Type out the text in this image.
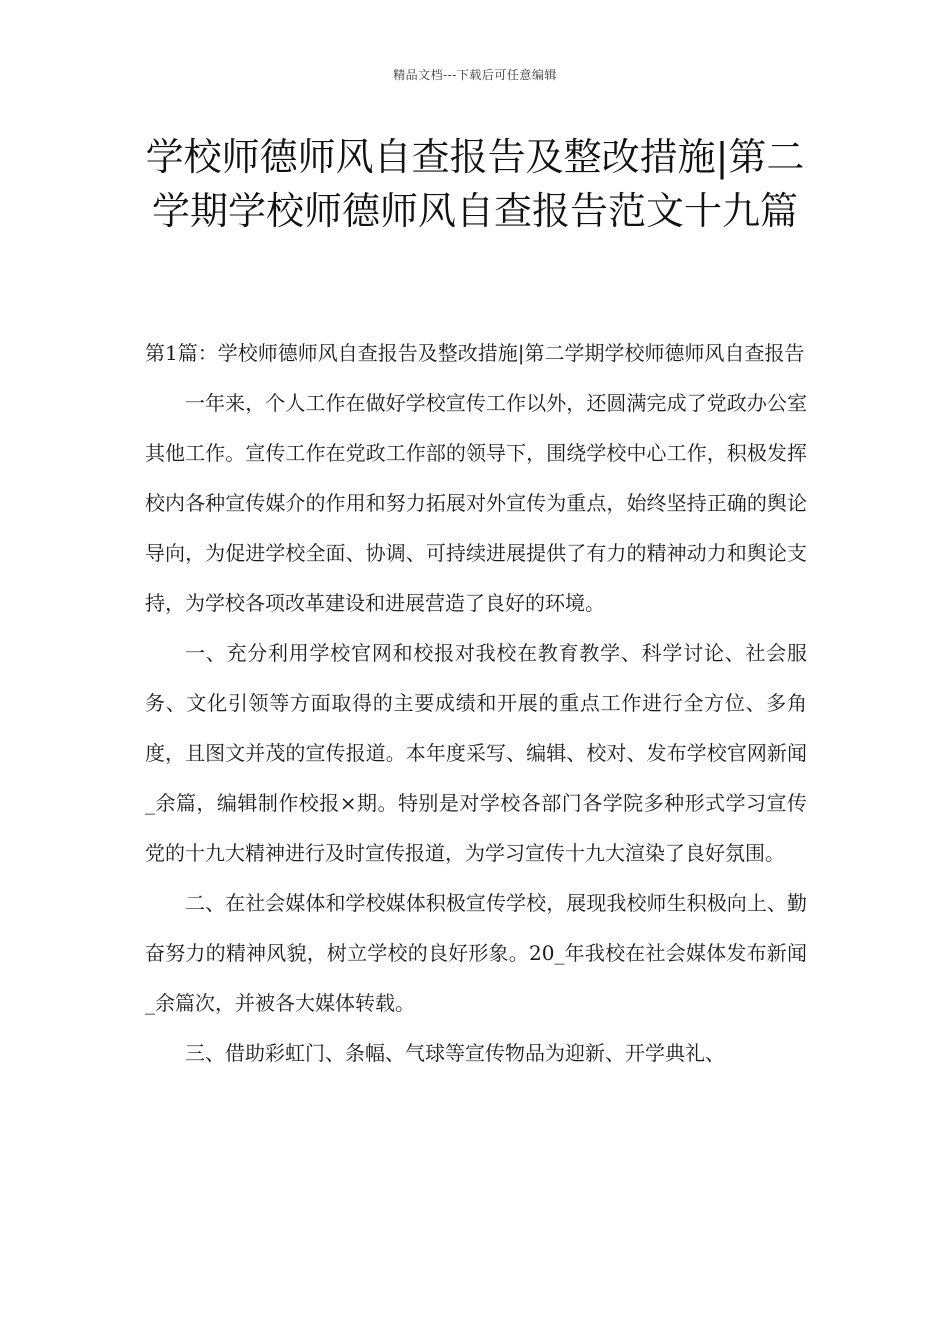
精品文档---下载后可任意编辑
学校师德师风自查报告及整改措施|第二学期学校师德师风自查报告范文十九篇

第1篇：学校师德师风自查报告及整改措施|第二学期学校师德师风自查报告

一年来，个人工作在做好学校宣传工作以外，还圆满完成了党政办公室其他工作。宣传工作在党政工作部的领导下，围绕学校中心工作，积极发挥校内各种宣传媒介的作用和努力拓展对外宣传为重点，始终坚持正确的舆论导向，为促进学校全面、协调、可持续进展提供了有力的精神动力和舆论支持，为学校各项改革建设和进展营造了良好的环境。

一、充分利用学校官网和校报对我校在教育教学、科学讨论、社会服务、文化引领等方面取得的主要成绩和开展的重点工作进行全方位、多角度，且图文并茂的宣传报道。本年度采写、编辑、校对、发布学校官网新闻_余篇，编辑制作校报×期。特别是对学校各部门各学院多种形式学习宣传党的十九大精神进行及时宣传报道，为学习宣传十九大渲染了良好氛围。

二、在社会媒体和学校媒体积极宣传学校，展现我校师生积极向上、勤奋努力的精神风貌，树立学校的良好形象。20_年我校在社会媒体发布新闻_余篇次，并被各大媒体转载。

三、借助彩虹门、条幅、气球等宣传物品为迎新、开学典礼、
